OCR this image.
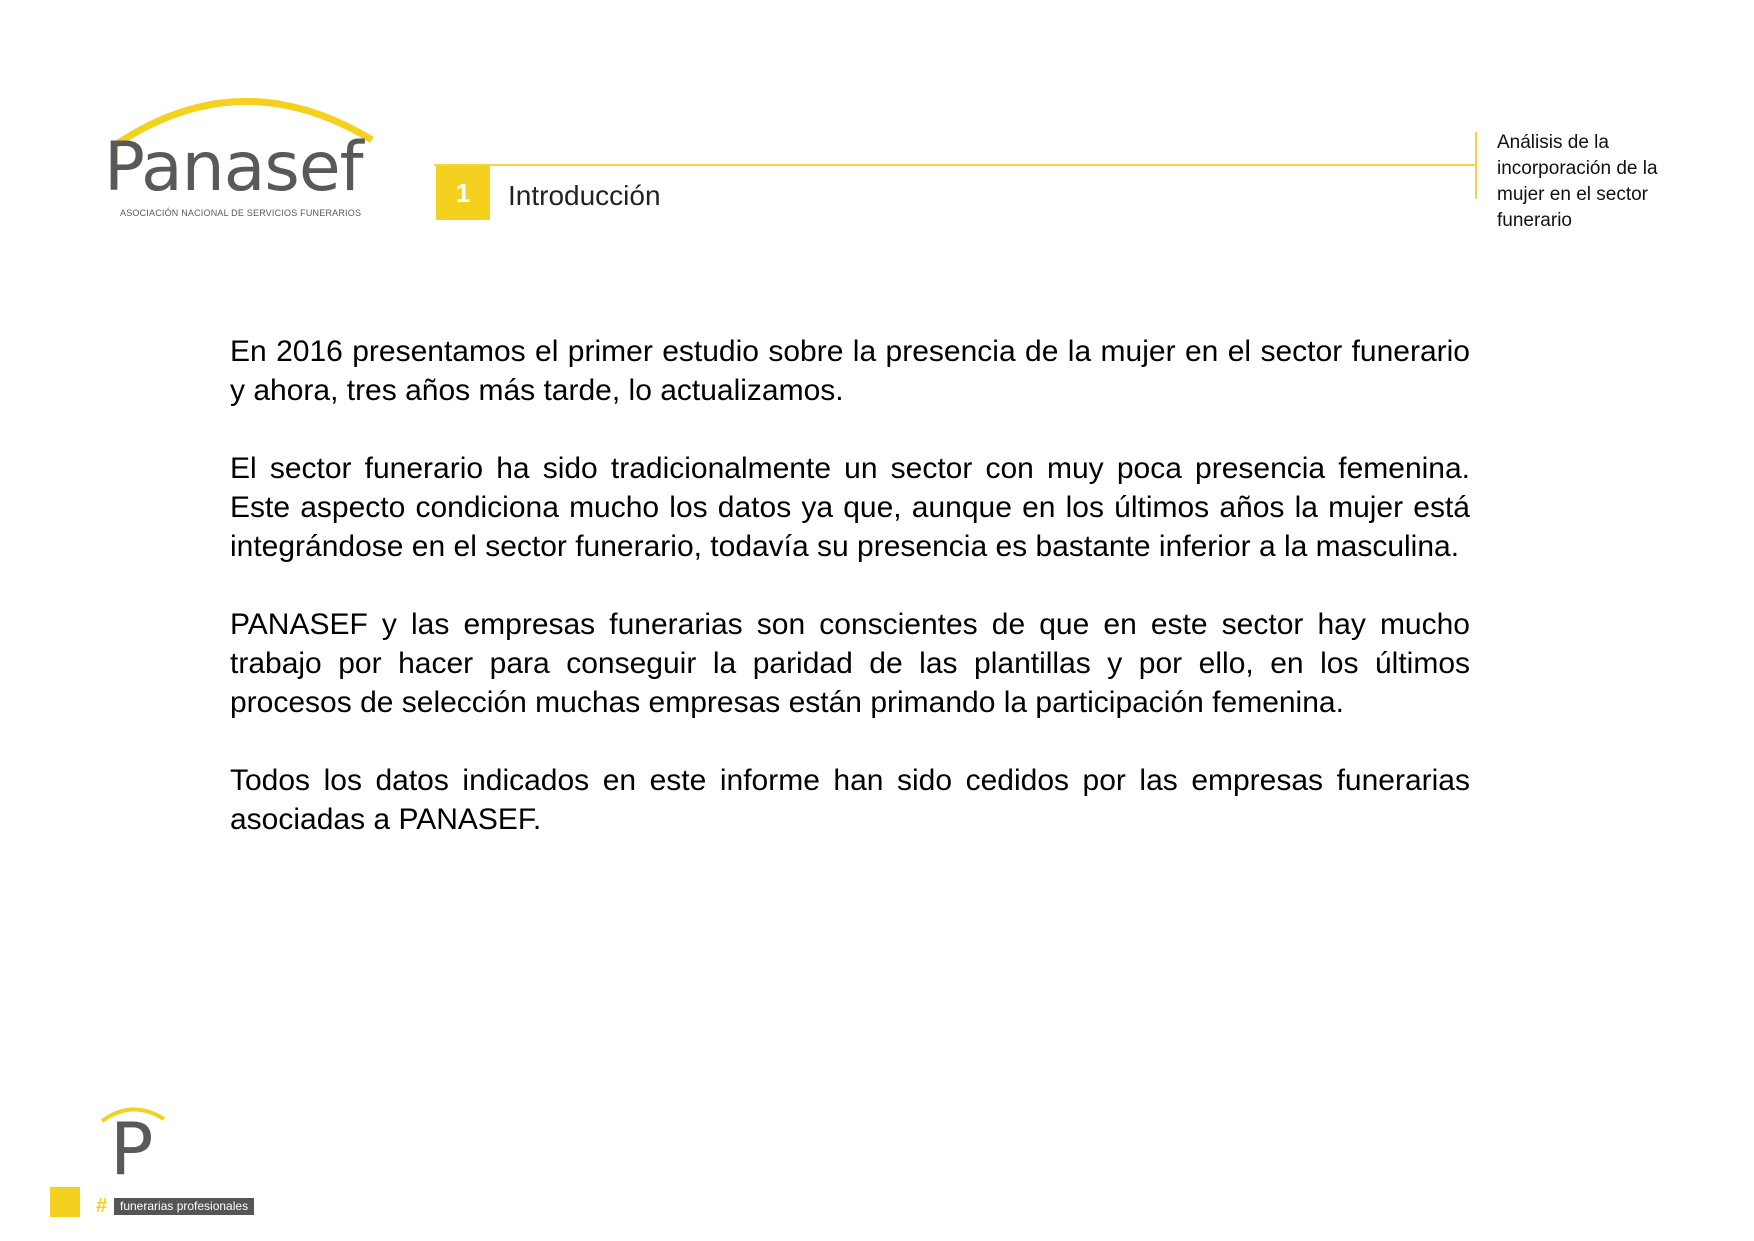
Panasef
ASOCIACIÓN NACIONAL DE SERVICIOS FUNERARIOS
1	Introducción
Análisis de la incorporación de la mujer en el sector funerario

En 2016 presentamos el primer estudio sobre la presencia de la mujer en el sector funerario y ahora, tres años más tarde, lo actualizamos.

El sector funerario ha sido tradicionalmente un sector con muy poca presencia femenina. Este aspecto condiciona mucho los datos ya que, aunque en los últimos años la mujer está integrándose en el sector funerario, todavía su presencia es bastante inferior a la masculina.

PANASEF y las empresas funerarias son conscientes de que en este sector hay mucho trabajo por hacer para conseguir la paridad de las plantillas y por ello, en los últimos procesos de selección muchas empresas están primando la participación femenina.

Todos los datos indicados en este informe han sido cedidos por las empresas funerarias asociadas a PANASEF.

P
#	funerarias profesionales
